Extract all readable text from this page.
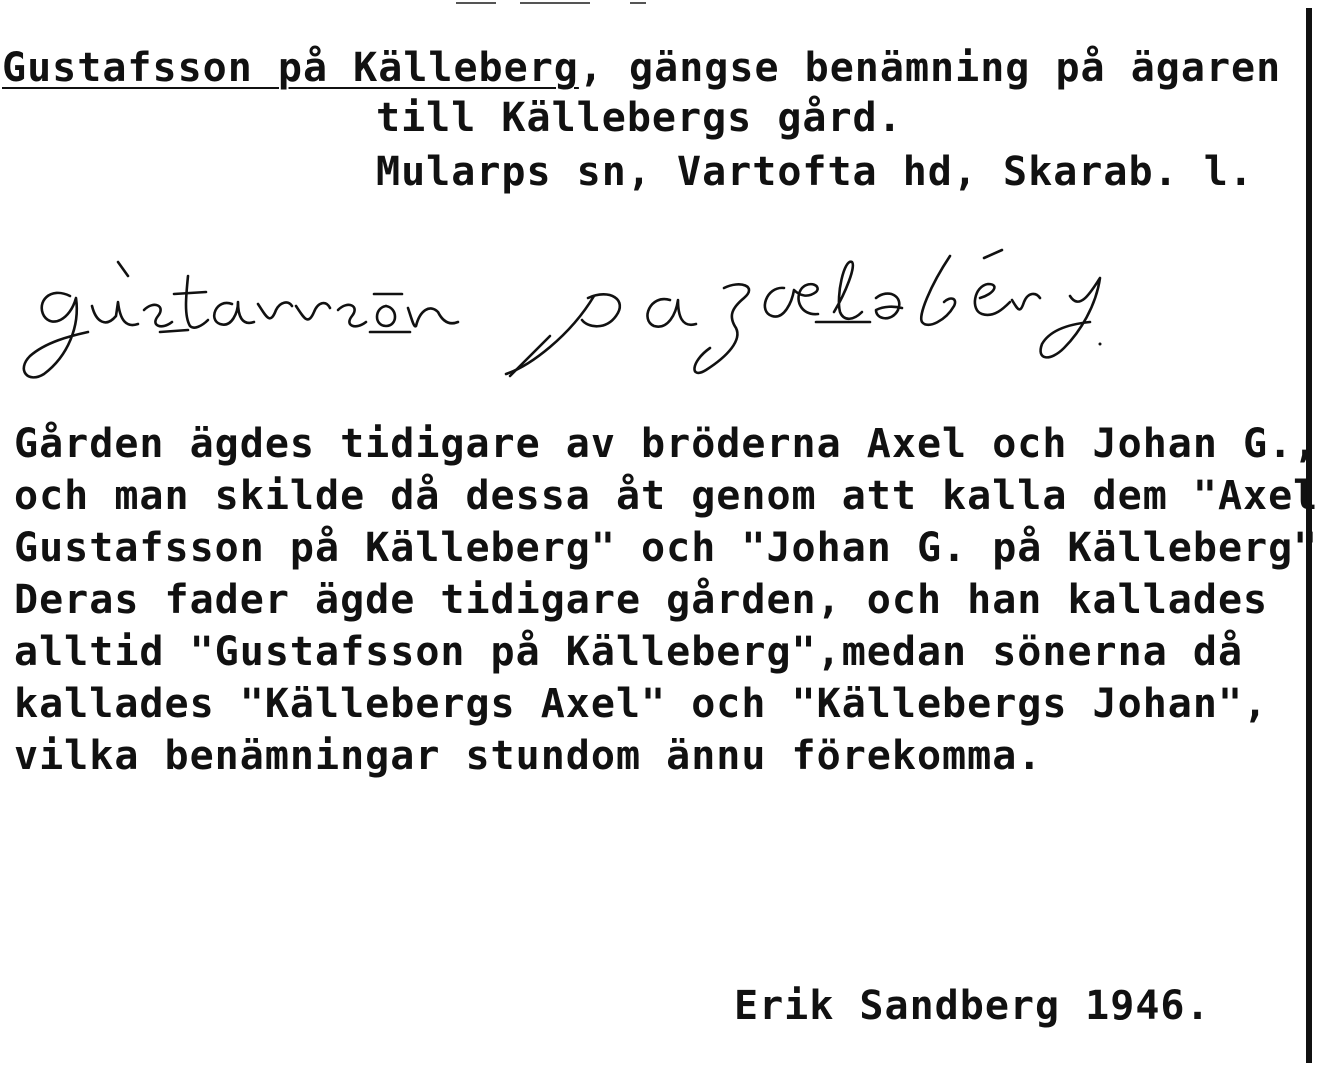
Gustafsson på Källeberg, gängse benämning på ägaren

till Källebergs gård.

Mularps sn, Vartofta hd, Skarab. l.

Gården ägdes tidigare av bröderna Axel och Johan G.,

och man skilde då dessa åt genom att kalla dem "Axel

Gustafsson på Källeberg" och "Johan G. på Källeberg"

Deras fader ägde tidigare gården, och han kallades

alltid "Gustafsson på Källeberg",medan sönerna då

kallades "Källebergs Axel" och "Källebergs Johan",

vilka benämningar stundom ännu förekomma.

Erik Sandberg 1946.
